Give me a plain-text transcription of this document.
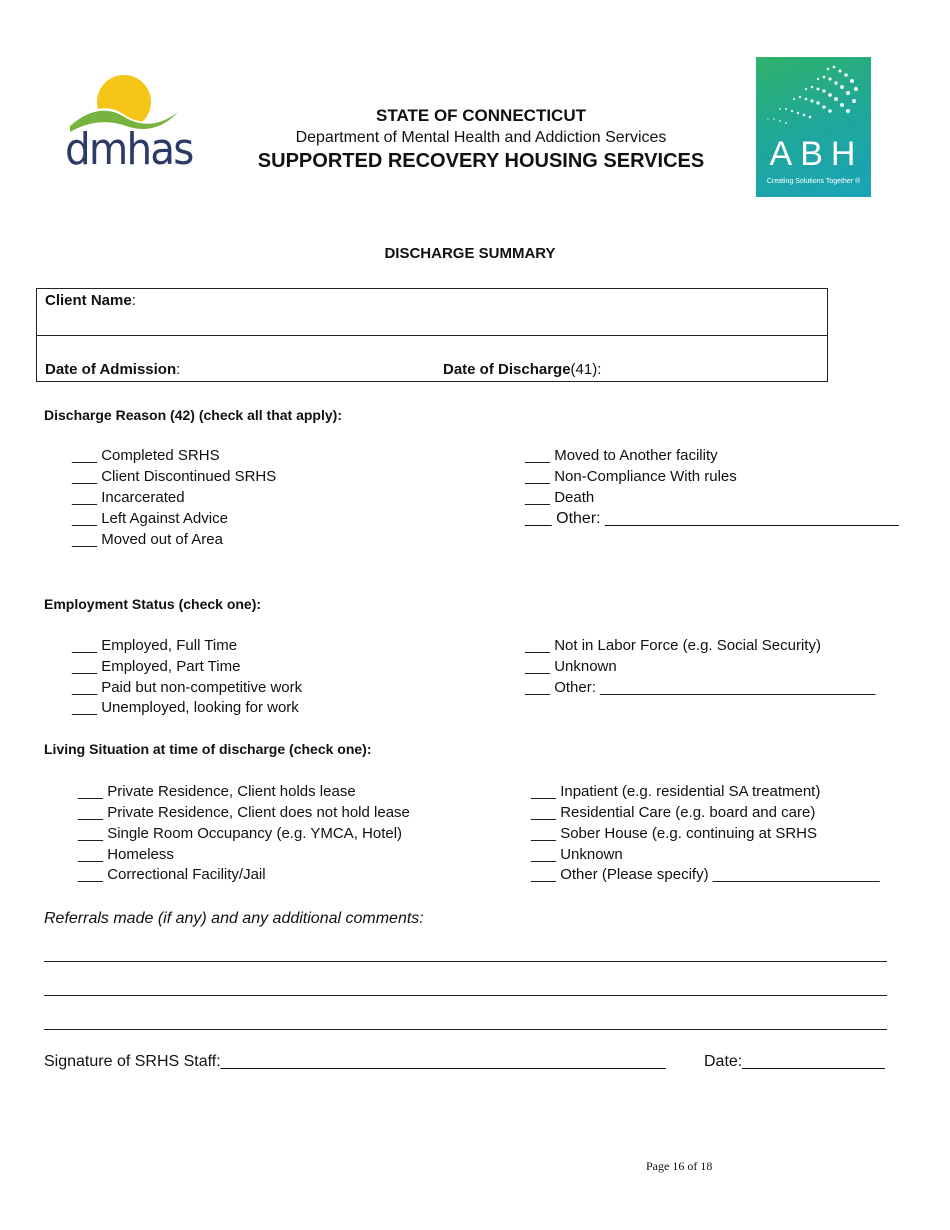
dmhas
STATE OF CONNECTICUT
Department of Mental Health and Addiction Services
SUPPORTED RECOVERY HOUSING SERVICES	ABH
Creating Solutions Together ®
DISCHARGE SUMMARY
Client Name:
Date of Admission:	Date of Discharge(41):
Discharge Reason (42) (check all that apply):
___ Completed SRHS
___ Client Discontinued SRHS
___ Incarcerated
___ Left Against Advice
___ Moved out of Area
___ Moved to Another facility
___ Non-Compliance With rules
___ Death
___ Other: _________________________________
Employment Status (check one):
___ Employed, Full Time
___ Employed, Part Time
___ Paid but non-competitive work
___ Unemployed, looking for work
___ Not in Labor Force (e.g. Social Security)
___ Unknown
___ Other: _________________________________
Living Situation at time of discharge (check one):
___ Private Residence, Client holds lease
___ Private Residence, Client does not hold lease
___ Single Room Occupancy (e.g. YMCA, Hotel)
___ Homeless
___ Correctional Facility/Jail
___ Inpatient (e.g. residential SA treatment)
___ Residential Care (e.g. board and care)
___ Sober House (e.g. continuing at SRHS
___ Unknown
___ Other (Please specify) ____________________
Referrals made (if any) and any additional comments:
Signature of SRHS Staff:__________________________________________________ Date:________________
Page 16 of 18
